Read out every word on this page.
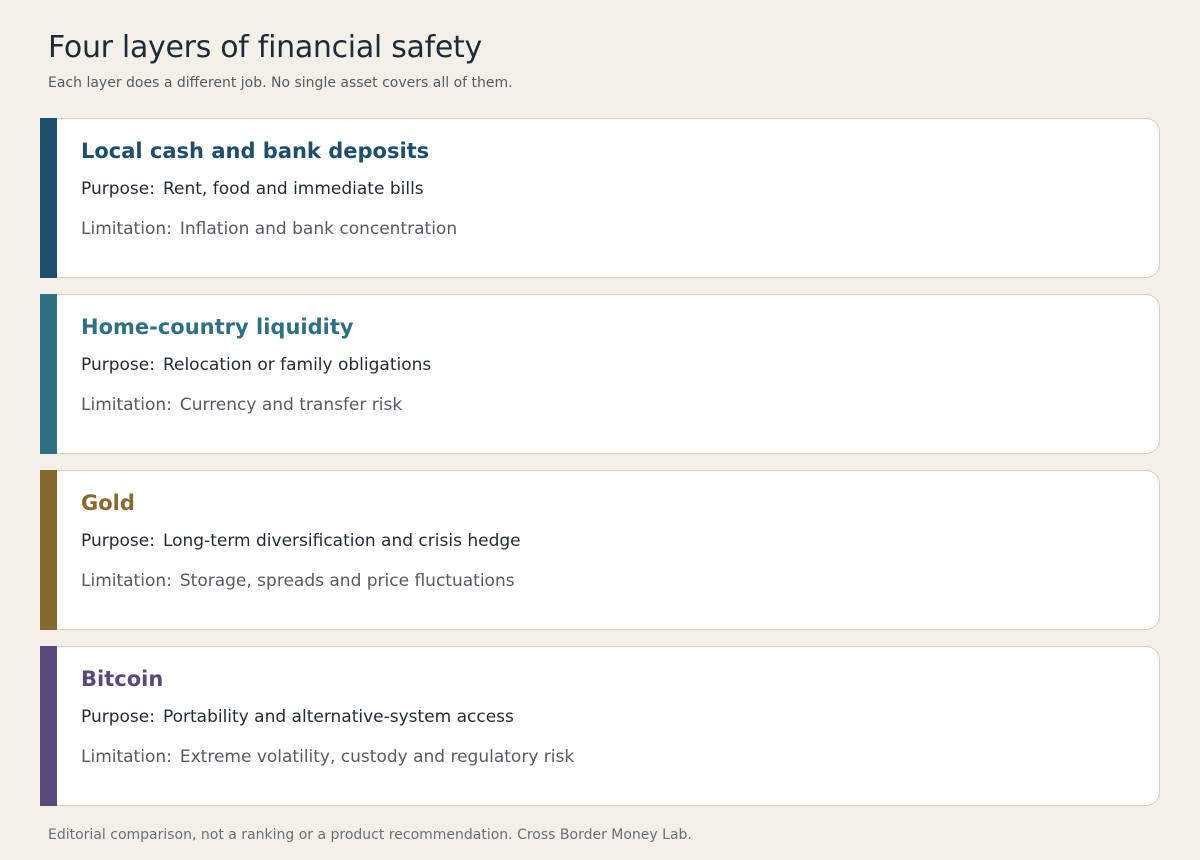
Four layers of financial safety

Each layer does a different job. No single asset covers all of them.

Local cash and bank deposits
Purpose: Rent, food and immediate bills
Limitation: Inflation and bank concentration
Home-country liquidity
Purpose: Relocation or family obligations
Limitation: Currency and transfer risk
Gold
Purpose: Long-term diversification and crisis hedge
Limitation: Storage, spreads and price fluctuations
Bitcoin
Purpose: Portability and alternative-system access
Limitation: Extreme volatility, custody and regulatory risk

Editorial comparison, not a ranking or a product recommendation. Cross Border Money Lab.
